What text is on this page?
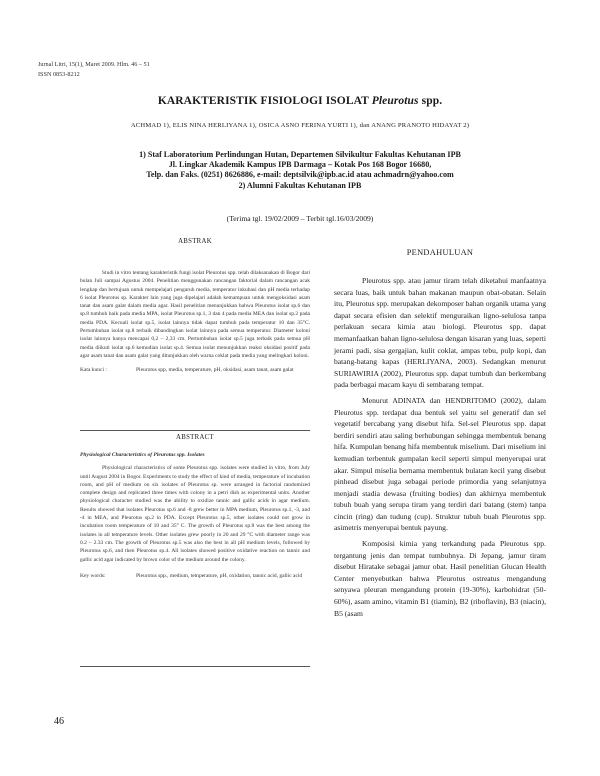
Jurnal Litri, 15(1), Maret 2009. Hlm. 46 – 51
ISSN 0853-8212
KARAKTERISTIK FISIOLOGI ISOLAT Pleurotus spp.
ACHMAD 1), ELIS NINA HERLIYANA 1), OSICA ASNO FERINA YURTI 1), dan ANANG PRANOTO HIDAYAT 2)
1) Staf Laboratorium Perlindungan Hutan, Departemen Silvikultur Fakultas Kehutanan IPB
Jl. Lingkar Akademik Kampus IPB Darmaga – Kotak Pos 168 Bogor 16680,
Telp. dan Faks. (0251) 8626886, e-mail: deptsilvik@ipb.ac.id atau achmadrn@yahoo.com
2) Alumni Fakultas Kehutanan IPB
(Terima tgl. 19/02/2009 – Terbit tgl.16/03/2009)
ABSTRAK

Studi in vitro tentang karakteristik fungi isolat Pleurotus spp. telah dilaksanakan di Bogor dari bulan Juli sampai Agustus 2004. Penelitian menggunakan rancangan faktorial dalam rancangan acak lengkap dan bertujuan untuk mempelajari pengaruh media, temperatur inkubasi dan pH media terhadap 6 isolat Pleurotus sp. Karakter lain yang juga dipelajari adalah kemampuan untuk mengoksidasi asam tanat dan asam galat dalam media agar. Hasil penelitian menunjukkan bahwa Pleurotus isolat sp.6 dan sp.8 tumbuh baik pada media MPA, isolat Pleurotus sp.1, 3 dan 4 pada media MEA dan isolat sp.2 pada media PDA. Kecuali isolat sp.5, isolat lainnya tidak dapat tumbuh pada temperatur 10 dan 35°C. Pertumbuhan isolat sp.8 terbaik dibandingkan isolat lainnya pada semua temperatur. Diameter koloni isolat lainnya hanya mencapai 0,2 – 2,33 cm. Pertumbuhan isolat sp.5 juga terbaik pada semua pH media diikuti isolat sp.6 kemudian isolat sp.4. Semua isolat menunjukkan reaksi oksidasi positif pada agar asam tanat dan asam galat yang ditunjukkan oleh warna coklat pada media yang melingkari koloni.

Kata kunci :	Pleurotus spp, media, temperature, pH, oksidasi, asam tanat, asam galat
ABSTRACT
Physiological Characteristics of Pleurotus spp. Isolates

Physiological characteristics of some Pleurotus spp. isolates were studied in vitro, from July until August 2004 in Bogor. Experiments to study the effect of kind of media, temperature of incubation room, and pH of medium on six isolates of Pleurotus sp. were arranged in factorial randomized complete design and replicated three times with colony in a petri dish as experimental units. Another physiological character studied was the ability to oxidize tannic and gallic acids in agar medium. Results showed that isolates Pleurotus sp.6 and -8 grew better in MPA medium, Pleurotus sp.1, -3, and -4 in MEA, and Pleurotus sp.2 in PDA. Except Pleurotus sp.5, other isolates could not grow in incubation room temperature of 10 and 35° C. The growth of Pleurotus sp.8 was the best among the isolates in all temperature levels. Other isolates grew poorly in 20 and 29 °C with diameter range was 0.2 – 2.33 cm. The growth of Pleurotus sp.5 was also the best in all pH medium levels, followed by Pleurotus sp.6, and then Pleurotus sp.4. All isolates showed positive oxidative reaction on tannic and gallic acid agar indicated by brown color of the medium around the colony.

Key words:	Pleurotus spp., medium, temperature, pH, oxidation, tannic acid, gallic acid
PENDAHULUAN

Pleurotus spp. atau jamur tiram telah diketahui manfaatnya secara luas, baik untuk bahan makanan maupun obat-obatan. Selain itu, Pleurotus spp. merupakan dekomposer bahan organik utama yang dapat secara efisien dan selektif menguraikan ligno-selulosa tanpa perlakuan secara kimia atau biologi. Pleurotus spp. dapat memanfaatkan bahan ligno-selulosa dengan kisaran yang luas, seperti jerami padi, sisa gergajian, kulit coklat, ampas tebu, pulp kopi, dan batang-batang kapas (HERLIYANA, 2003). Sedangkan menurut SURIAWIRIA (2002), Pleurotus spp. dapat tumbuh dan berkembang pada berbagai macam kayu di sembarang tempat.

Menurut ADINATA dan HENDRITOMO (2002), dalam Pleurotus spp. terdapat dua bentuk sel yaitu sel generatif dan sel vegetatif bercabang yang disebut hifa. Sel-sel Pleurotus spp. dapat berdiri sendiri atau saling berhubungan sehingga membentuk benang hifa. Kumpulan benang hifa membentuk miselium. Dari miselium ini kemudian terbentuk gumpalan kecil seperti simpul menyerupai urat akar. Simpul miselia bernama membentuk bulatan kecil yang disebut pinhead disebut juga sebagai periode primordia yang selanjutnya menjadi stadia dewasa (fruiting bodies) dan akhirnya membentuk tubuh buah yang serupa tiram yang terdiri dari batang (stem) tanpa cincin (ring) dan tudung (cup). Struktur tubuh buah Pleurotus spp. asimetris menyerupai bentuk payung.

Komposisi kimia yang terkandung pada Pleurotus spp. tergantung jenis dan tempat tumbuhnya. Di Jepang, jamur tiram disebut Hiratake sebagai jamur obat. Hasil penelitian Glucan Health Center menyebutkan bahwa Pleurotus ostreatus mengandung senyawa pleuran mengandung protein (19-30%), karbohidrat (50-60%), asam amino, vitamin B1 (tiamin), B2 (riboflavin), B3 (niacin), B5 (asam

46
